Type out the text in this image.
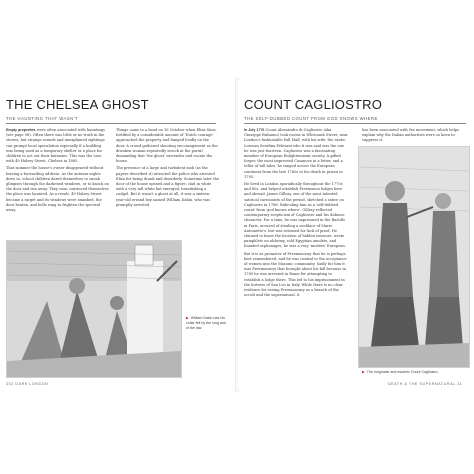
THE CHELSEA GHOST
THE HAUNTING THAT WASN'T

Empty properties were often associated with hauntings (see page 98). Often there was little or no truth in the stories, but strange sounds and unexplained sightings can prompt local speculation especially if a building was being used as a temporary shelter or a place for children to act out their fantasies. This was the case with 49 Halsey Street, Chelsea in 1885.

That summer the house's owner disappeared without leaving a forwarding address. As the autumn nights drew in, school children dared themselves to sneak glimpses through the darkened windows, or to knock on the door and run away. They soon convinced themselves the place was haunted. As a result, 49 Halsey Street became a target and its windows were smashed, the door beaten, and bells rung to frighten the spectral away.

Things came to a head on 16 October when Eliza Sims, fortified by a considerable amount of 'Dutch courage' approached the property and banged loudly on the door. A crowd gathered shouting encouragement as the drunken woman repeatedly struck at the portal demanding that 'the ghost' surrender and vacate the house.

The presence of a large and turbulent mob (as the papers described it) attracted the police who arrested Eliza for being drunk and disorderly. Sometime later the door of the house opened and a figure, clad in white with a very tall white hat emerged, brandishing a cudgel. But it wasn't a ghost at all, it was a sixteen-year-old errand boy named William Dakin, who was promptly arrested.

▶ William Dakin has his collar felt by the long arm of the law.
302 DARK LONDON
COUNT CAGLIOSTRO
THE SELF-DUBBED COUNT FROM GOD KNOWS WHERE

In July 1776 Count Alessandro di Cagliostro (aka Giuseppe Balsamo) took rooms in Whitcomb Street, near London's fashionable Pall Mall, with his wife, the exotic Lorenza Serafina Feliciani who it was said was the one he was just fourteen. Cagliostro was a fascinating member of European Enlightenment society. A gifted forger, the most impressed Casanova in a letter, and a teller of tall tales, he ranged across the European continent from the late 1760s to his death in prison in 1795.

He lived in London sporadically throughout the 1770s and 80s, and helped establish Freemason lodges here and abroad. James Gillray, one of the most talented satirical cartoonists of the period, sketched a satire on Cagliostro in 1786. Ridiculing him as a 'self-dubbed count' from 'god knows where'. Gillray reflected contemporary scepticism of Cagliostro and his dubious character. For a time, he was imprisoned in the Bastille in Paris, accused of stealing a necklace of Marie Antoinette's, but was released for lack of proof. He claimed to know the location of hidden treasure, wrote pamphlets on alchemy, sold Egyptian amulets, and founded orphanages; he was a very 'modern' European.

But it is as promoter of Freemasonry that he is perhaps best remembered, and he was central to the acceptance of women into the Masonic community. Sadly for him it was Freemasonry that brought about his fall because in 1789 he was arrested in Rome for attempting to establish a lodge there. This led to his imprisonment in the fortress of San Leo in Italy. While there is no clear evidence for seeing Freemasonry as a branch of the occult and the supernatural, it

has been associated with the movement, which helps explain why the Italian authorities were so keen to suppress it.

▶ The enigmatic and esoteric Count Cagliostro.
DEATH & THE SUPERNATURAL 31
